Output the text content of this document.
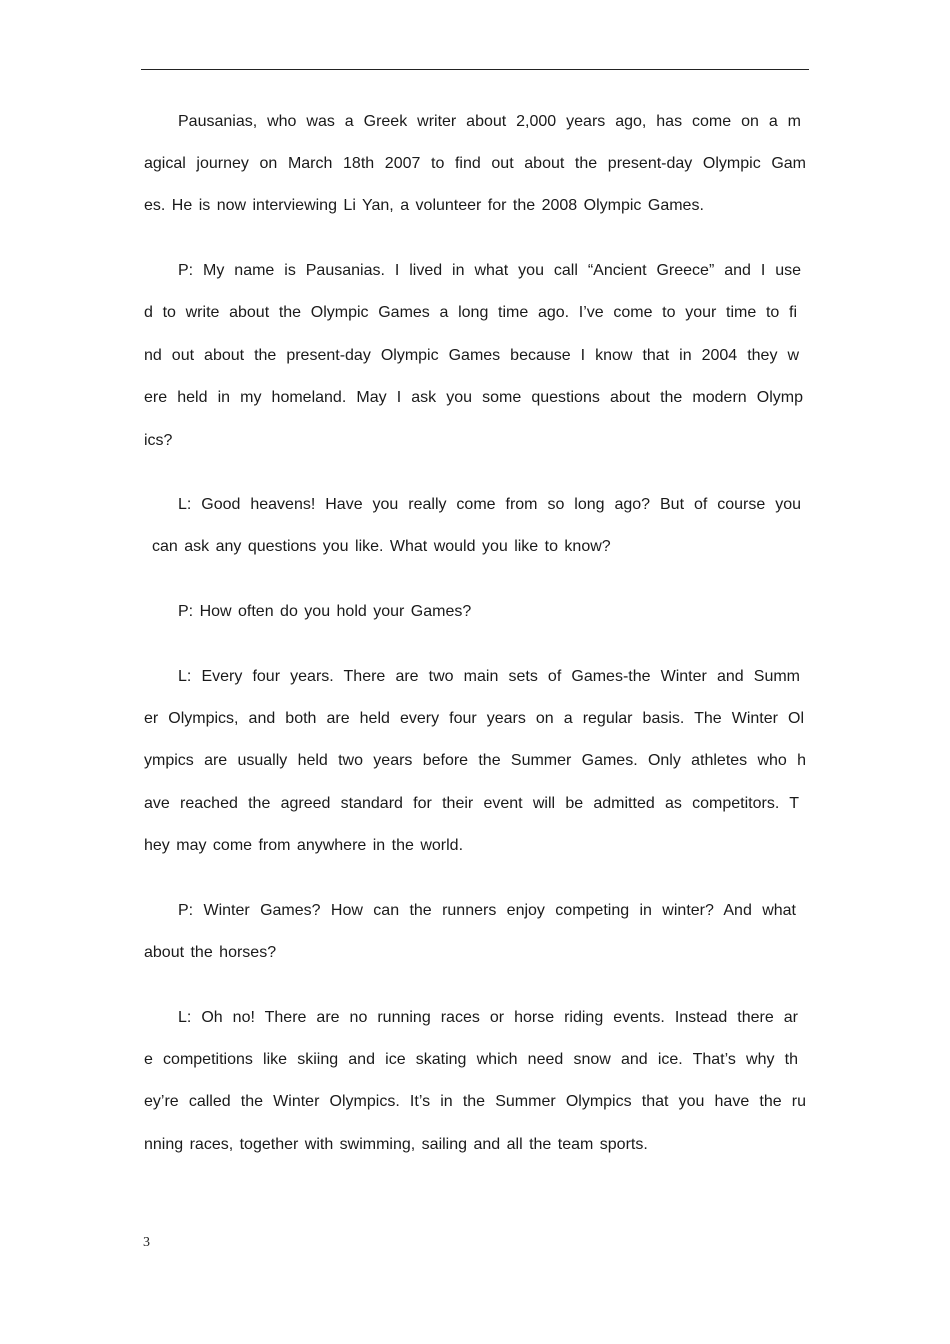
Pausanias, who was a Greek writer about 2,000 years ago, has come on a m
agical journey on March 18th 2007 to find out about the present-day Olympic Gam
es. He is now interviewing Li Yan, a volunteer for the 2008 Olympic Games.
P: My name is Pausanias. I lived in what you call “Ancient Greece” and I use
d to write about the Olympic Games a long time ago. I’ve come to your time to fi
nd out about the present-day Olympic Games because I know that in 2004 they w
ere held in my homeland. May I ask you some questions about the modern Olymp
ics?
L: Good heavens! Have you really come from so long ago? But of course you
can ask any questions you like. What would you like to know?
P: How often do you hold your Games?
L: Every four years. There are two main sets of Games-the Winter and Summ
er Olympics, and both are held every four years on a regular basis. The Winter Ol
ympics are usually held two years before the Summer Games. Only athletes who h
ave reached the agreed standard for their event will be admitted as competitors. T
hey may come from anywhere in the world.
P: Winter Games? How can the runners enjoy competing in winter? And what
about the horses?
L: Oh no! There are no running races or horse riding events. Instead there ar
e competitions like skiing and ice skating which need snow and ice. That’s why th
ey’re called the Winter Olympics. It’s in the Summer Olympics that you have the ru
nning races, together with swimming, sailing and all the team sports.
3
